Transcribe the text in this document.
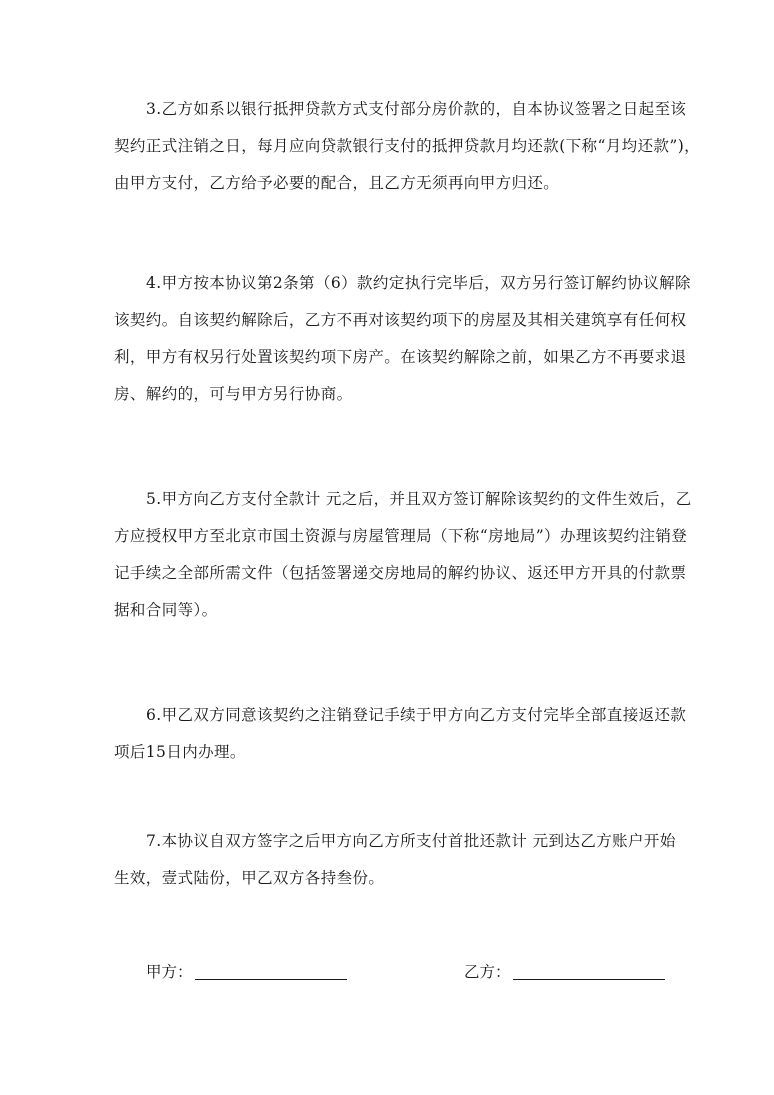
3.乙方如系以银行抵押贷款方式支付部分房价款的，自本协议签署之日起至该
契约正式注销之日，每月应向贷款银行支付的抵押贷款月均还款(下称“月均还款”)，
由甲方支付，乙方给予必要的配合，且乙方无须再向甲方归还。

4.甲方按本协议第2条第（6）款约定执行完毕后，双方另行签订解约协议解除
该契约。自该契约解除后，乙方不再对该契约项下的房屋及其相关建筑享有任何权
利，甲方有权另行处置该契约项下房产。在该契约解除之前，如果乙方不再要求退
房、解约的，可与甲方另行协商。

5.甲方向乙方支付全款计 元之后，并且双方签订解除该契约的文件生效后，乙
方应授权甲方至北京市国土资源与房屋管理局（下称“房地局”）办理该契约注销登
记手续之全部所需文件（包括签署递交房地局的解约协议、返还甲方开具的付款票
据和合同等）。

6.甲乙双方同意该契约之注销登记手续于甲方向乙方支付完毕全部直接返还款
项后15日内办理。

7.本协议自双方签字之后甲方向乙方所支付首批还款计 元到达乙方账户开始
生效，壹式陆份，甲乙双方各持叁份。

甲方：	乙方：
